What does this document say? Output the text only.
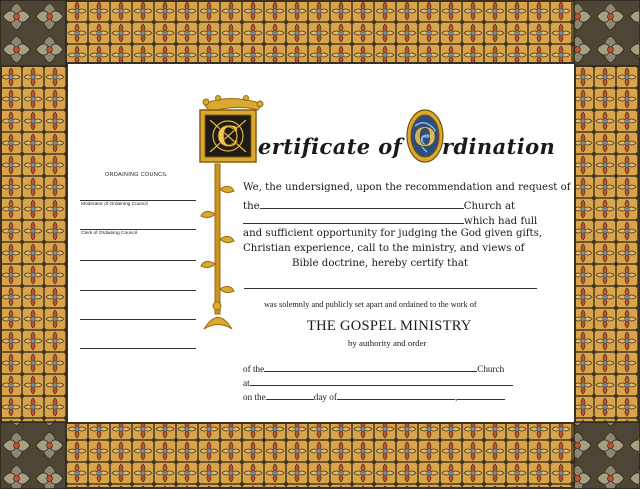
C	O
ertificate of rdination
ORDAINING COUNCIL
Moderator of Ordaining Council
Clerk of Ordaining Council
We, the undersigned, upon the recommendation and request of
the	Church at
which had full
and sufficient opportunity for judging the God given gifts,
Christian experience, call to the ministry, and views of
Bible doctrine, hereby certify that
was solemnly and publicly set apart and ordained to the work of
THE GOSPEL MINISTRY
by authority and order
of the	Church
at
on the	day of	,
